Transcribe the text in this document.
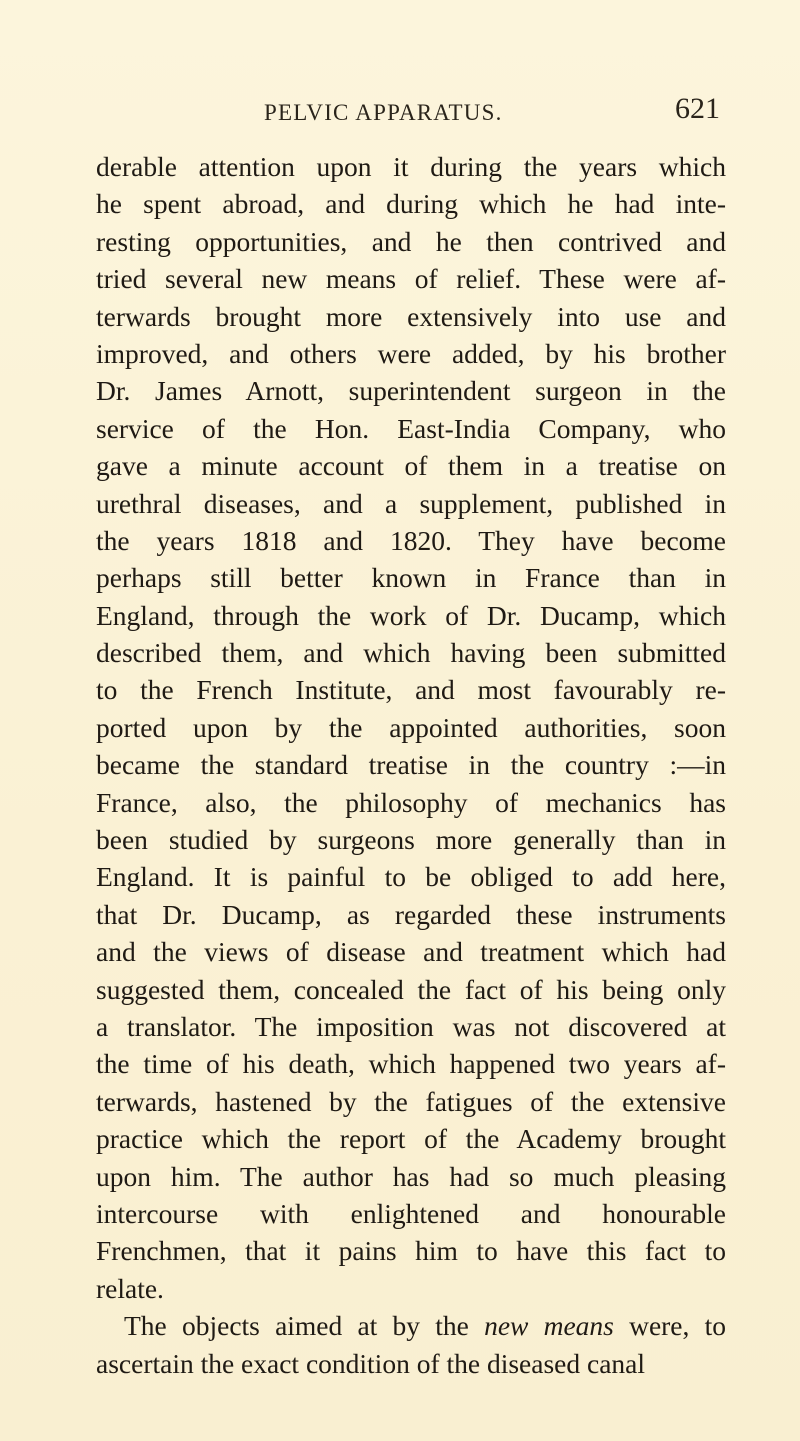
PELVIC APPARATUS.	621
derable attention upon it during the years which
he spent abroad, and during which he had inte-
resting opportunities, and he then contrived and
tried several new means of relief. These were af-
terwards brought more extensively into use and
improved, and others were added, by his brother
Dr. James Arnott, superintendent surgeon in the
service of the Hon. East-India Company, who
gave a minute account of them in a treatise on
urethral diseases, and a supplement, published in
the years 1818 and 1820. They have become
perhaps still better known in France than in
England, through the work of Dr. Ducamp, which
described them, and which having been submitted
to the French Institute, and most favourably re-
ported upon by the appointed authorities, soon
became the standard treatise in the country :—in
France, also, the philosophy of mechanics has
been studied by surgeons more generally than in
England. It is painful to be obliged to add here,
that Dr. Ducamp, as regarded these instruments
and the views of disease and treatment which had
suggested them, concealed the fact of his being only
a translator. The imposition was not discovered at
the time of his death, which happened two years af-
terwards, hastened by the fatigues of the extensive
practice which the report of the Academy brought
upon him. The author has had so much pleasing
intercourse with enlightened and honourable
Frenchmen, that it pains him to have this fact to
relate.
The objects aimed at by the new means were, to
ascertain the exact condition of the diseased canal
